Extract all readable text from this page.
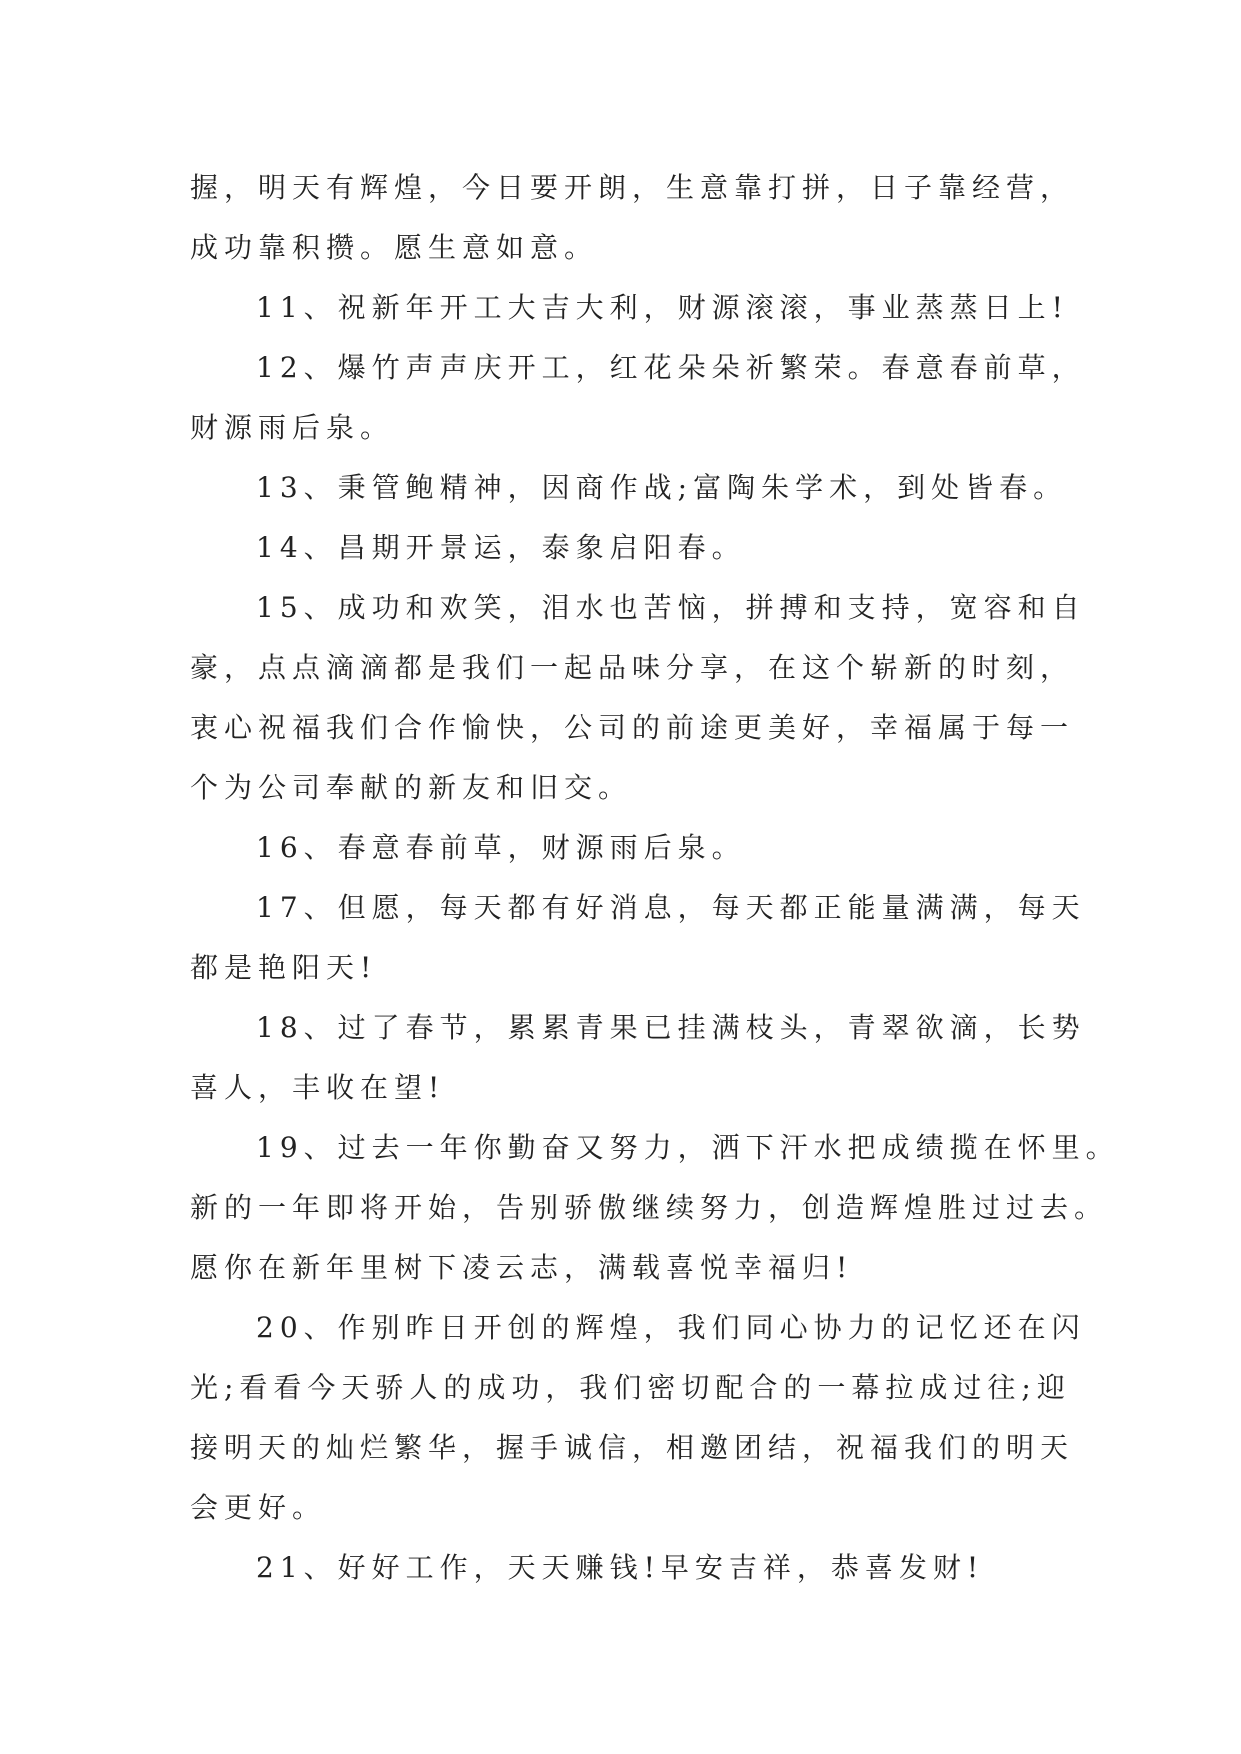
握，明天有辉煌，今日要开朗，生意靠打拼，日子靠经营，
成功靠积攒。愿生意如意。
11、祝新年开工大吉大利，财源滚滚，事业蒸蒸日上!
12、爆竹声声庆开工，红花朵朵祈繁荣。春意春前草，
财源雨后泉。
13、秉管鲍精神，因商作战;富陶朱学术，到处皆春。
14、昌期开景运，泰象启阳春。
15、成功和欢笑，泪水也苦恼，拼搏和支持，宽容和自
豪，点点滴滴都是我们一起品味分享，在这个崭新的时刻，
衷心祝福我们合作愉快，公司的前途更美好，幸福属于每一
个为公司奉献的新友和旧交。
16、春意春前草，财源雨后泉。
17、但愿，每天都有好消息，每天都正能量满满，每天
都是艳阳天!
18、过了春节，累累青果已挂满枝头，青翠欲滴，长势
喜人，丰收在望!
19、过去一年你勤奋又努力，洒下汗水把成绩揽在怀里。
新的一年即将开始，告别骄傲继续努力，创造辉煌胜过过去。
愿你在新年里树下凌云志，满载喜悦幸福归!
20、作别昨日开创的辉煌，我们同心协力的记忆还在闪
光;看看今天骄人的成功，我们密切配合的一幕拉成过往;迎
接明天的灿烂繁华，握手诚信，相邀团结，祝福我们的明天
会更好。
21、好好工作，天天赚钱!早安吉祥，恭喜发财!
